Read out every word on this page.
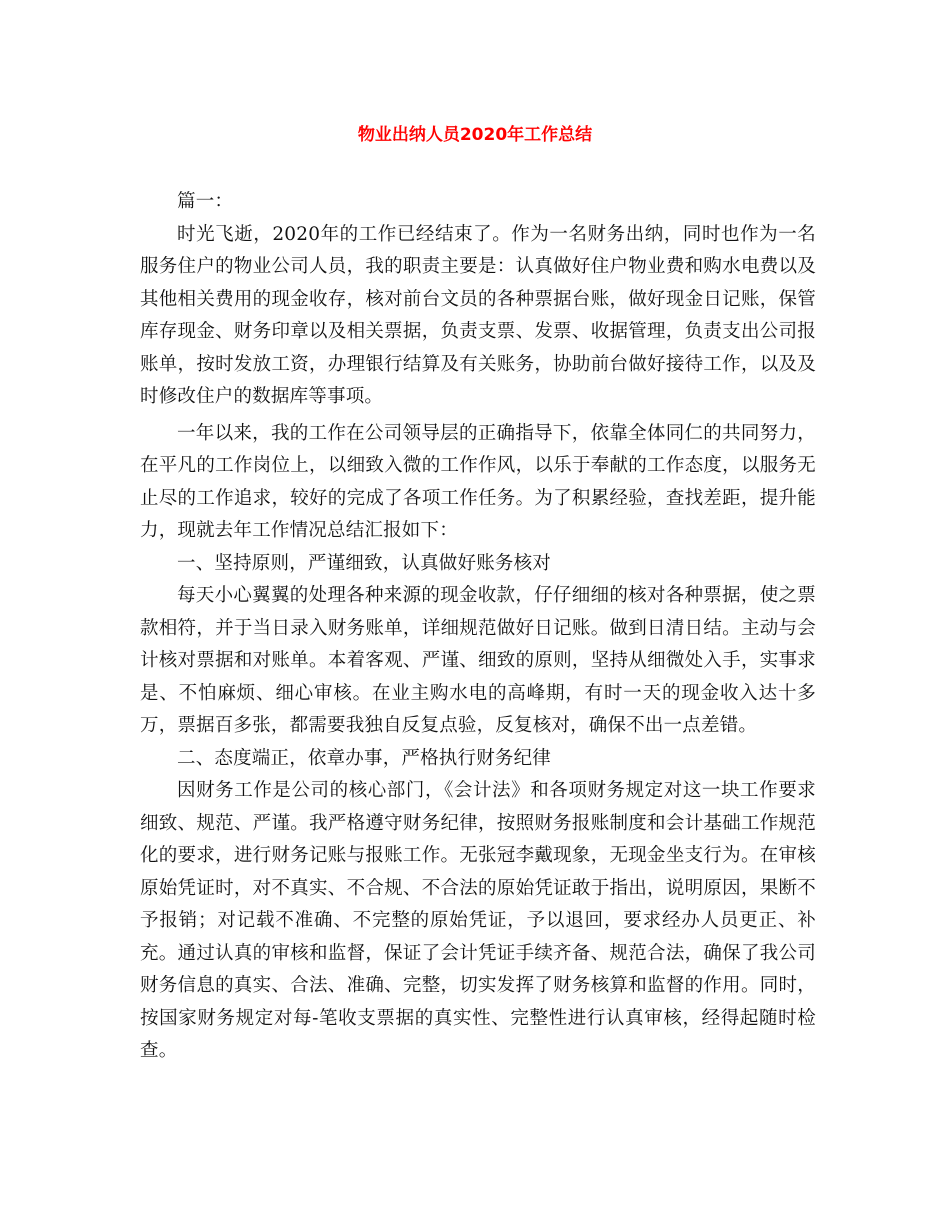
物业出纳人员2020年工作总结

篇一：

时光飞逝，2020年的工作已经结束了。作为一名财务出纳，同时也作为一名服务住户的物业公司人员，我的职责主要是：认真做好住户物业费和购水电费以及其他相关费用的现金收存，核对前台文员的各种票据台账，做好现金日记账，保管库存现金、财务印章以及相关票据，负责支票、发票、收据管理，负责支出公司报账单，按时发放工资，办理银行结算及有关账务，协助前台做好接待工作，以及及时修改住户的数据库等事项。

一年以来，我的工作在公司领导层的正确指导下，依靠全体同仁的共同努力，在平凡的工作岗位上，以细致入微的工作作风，以乐于奉献的工作态度，以服务无止尽的工作追求，较好的完成了各项工作任务。为了积累经验，查找差距，提升能力，现就去年工作情况总结汇报如下：

一、坚持原则，严谨细致，认真做好账务核对

每天小心翼翼的处理各种来源的现金收款，仔仔细细的核对各种票据，使之票款相符，并于当日录入财务账单，详细规范做好日记账。做到日清日结。主动与会计核对票据和对账单。本着客观、严谨、细致的原则，坚持从细微处入手，实事求是、不怕麻烦、细心审核。在业主购水电的高峰期，有时一天的现金收入达十多万，票据百多张，都需要我独自反复点验，反复核对，确保不出一点差错。

二、态度端正，依章办事，严格执行财务纪律

因财务工作是公司的核心部门，《会计法》和各项财务规定对这一块工作要求细致、规范、严谨。我严格遵守财务纪律，按照财务报账制度和会计基础工作规范化的要求，进行财务记账与报账工作。无张冠李戴现象，无现金坐支行为。在审核原始凭证时，对不真实、不合规、不合法的原始凭证敢于指出，说明原因，果断不予报销；对记载不准确、不完整的原始凭证，予以退回，要求经办人员更正、补充。通过认真的审核和监督，保证了会计凭证手续齐备、规范合法，确保了我公司财务信息的真实、合法、准确、完整，切实发挥了财务核算和监督的作用。同时，按国家财务规定对每-笔收支票据的真实性、完整性进行认真审核，经得起随时检查。
